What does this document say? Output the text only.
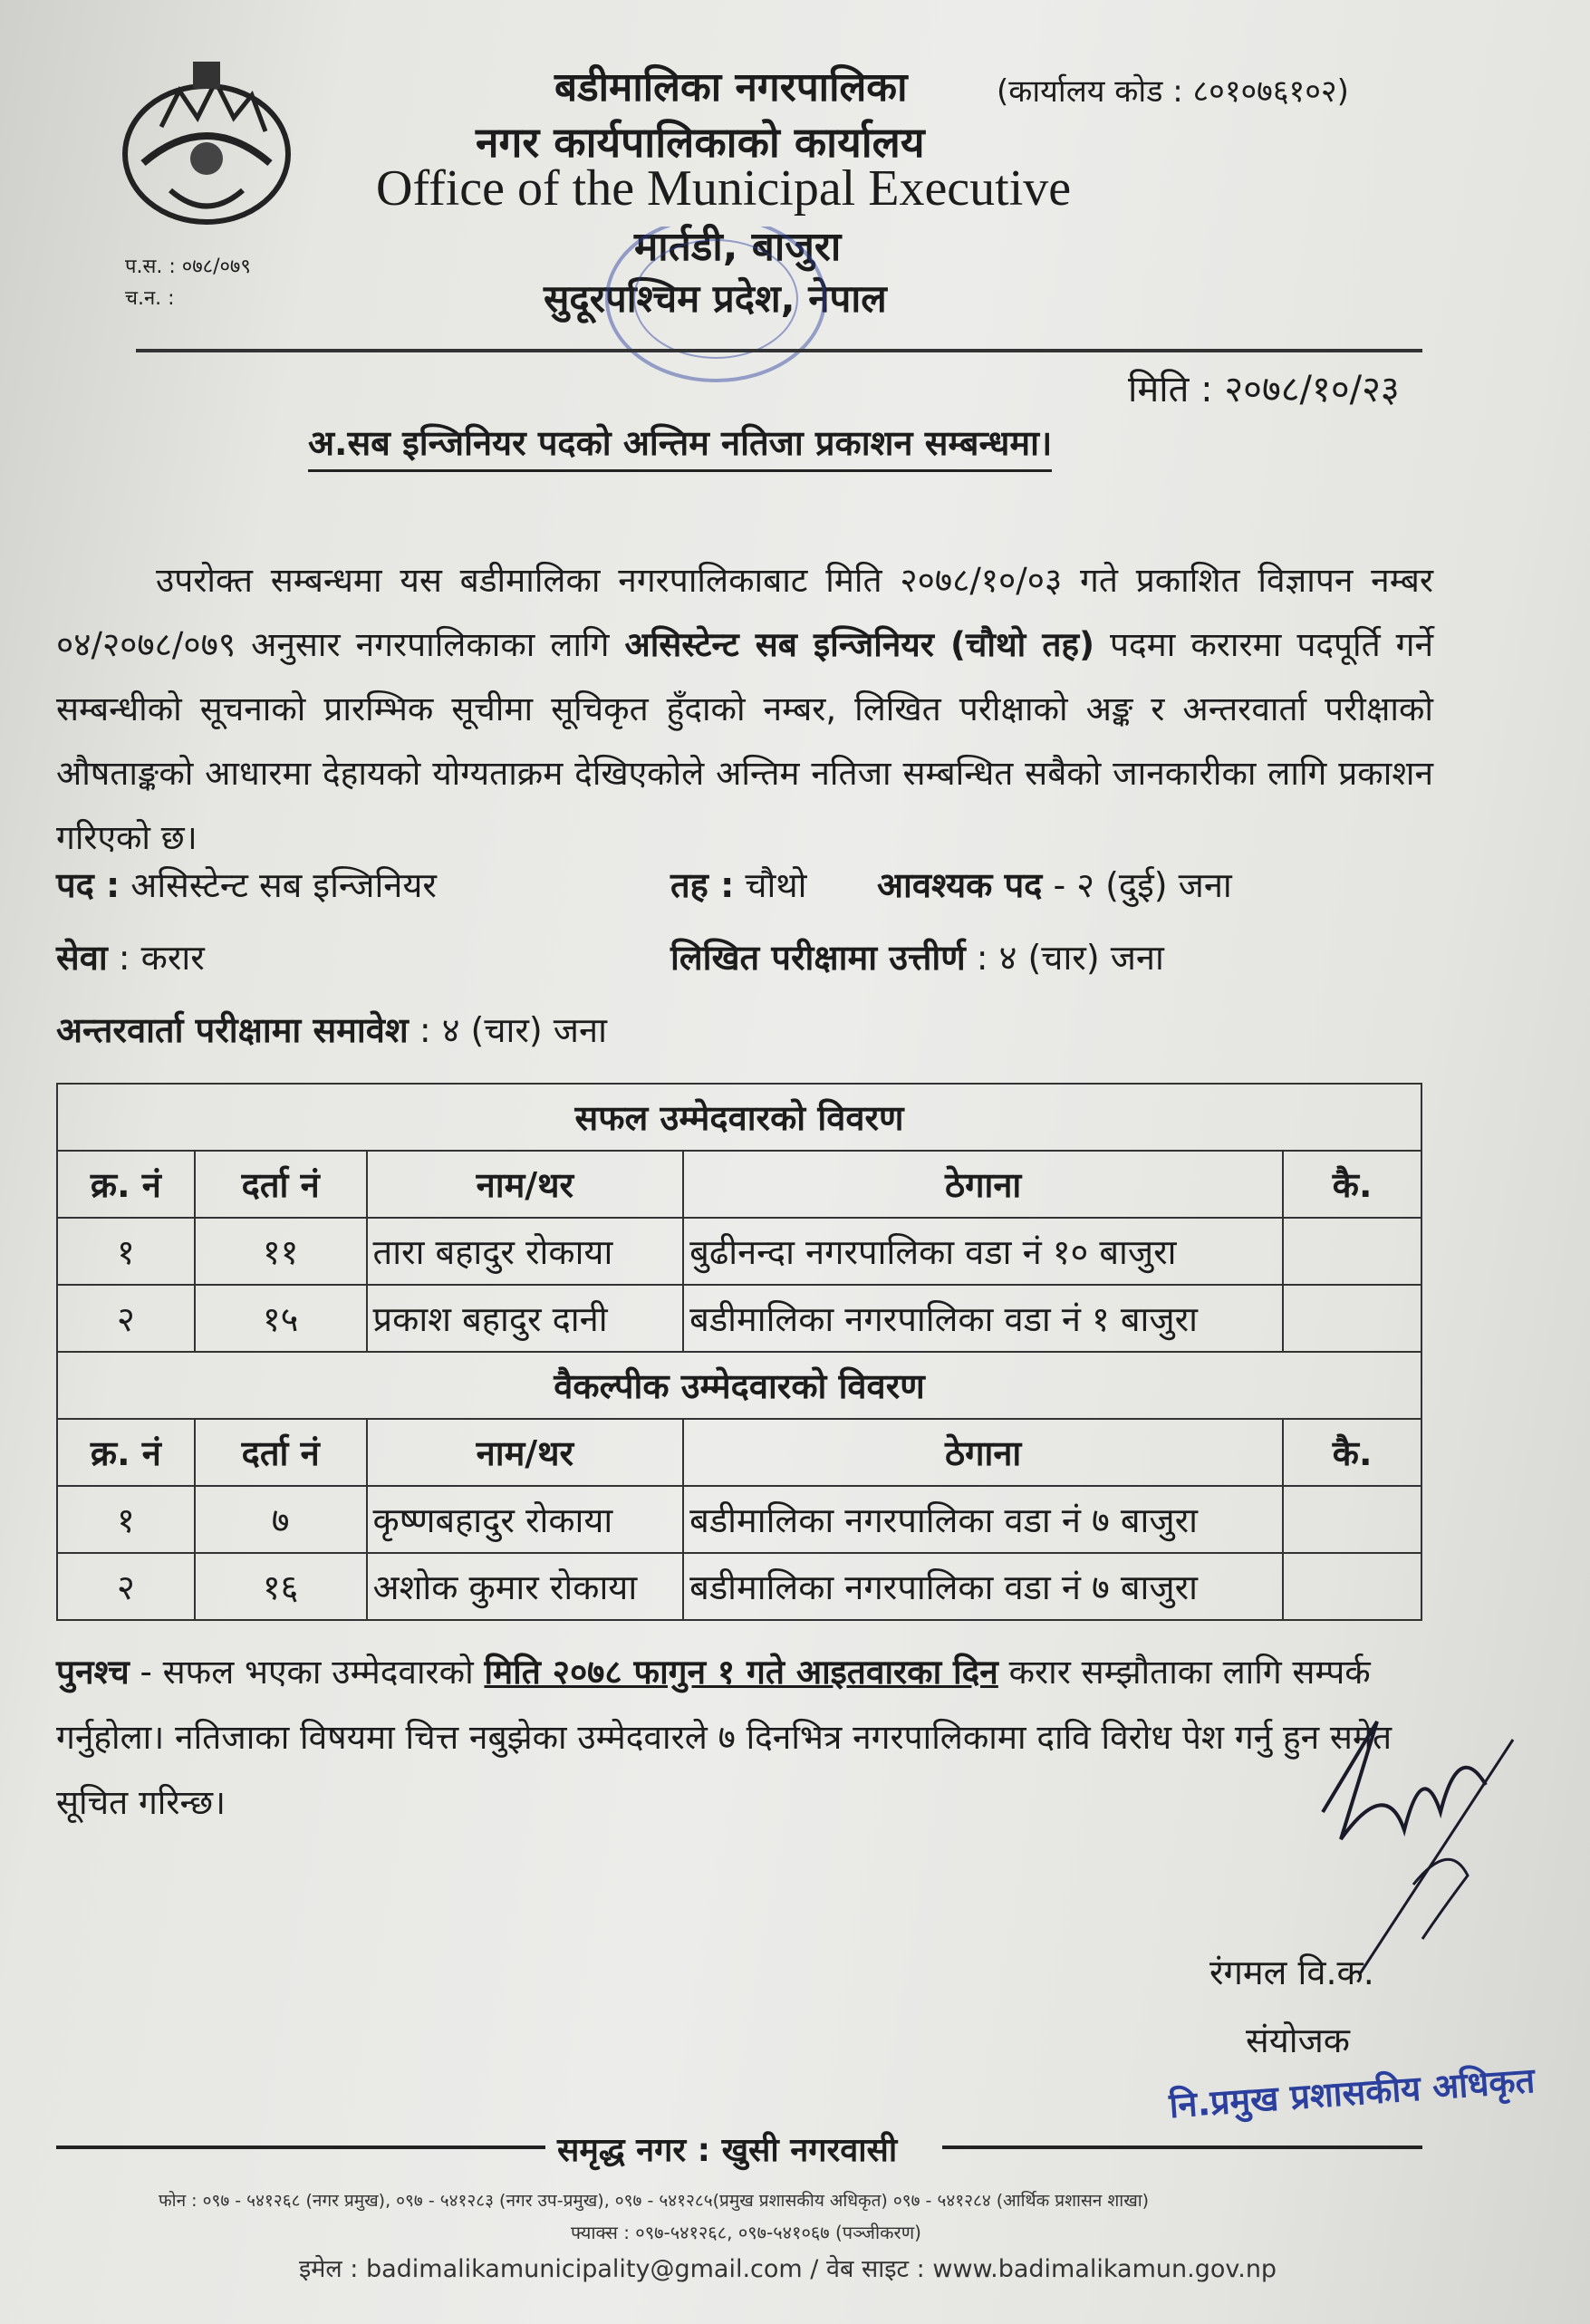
बडीमालिका नगरपालिका	(कार्यालय कोड : ८०१०७६१०२)
नगर कार्यपालिकाको कार्यालय
Office of the Municipal Executive
मार्तडी, बाजुरा
सुदूरपश्चिम प्रदेश, नेपाल
प.स. : ०७८/०७९
च.न. :
मिति : २०७८/१०/२३
अ.सब इन्जिनियर पदको अन्तिम नतिजा प्रकाशन सम्बन्धमा।
उपरोक्त सम्बन्धमा यस बडीमालिका नगरपालिकाबाट मिति २०७८/१०/०३ गते प्रकाशित विज्ञापन नम्बर ०४/२०७८/०७९ अनुसार नगरपालिकाका लागि असिस्टेन्ट सब इन्जिनियर (चौथो तह) पदमा करारमा पदपूर्ति गर्ने सम्बन्धीको सूचनाको प्रारम्भिक सूचीमा सूचिकृत हुँदाको नम्बर, लिखित परीक्षाको अङ्क र अन्तरवार्ता परीक्षाको औषताङ्कको आधारमा देहायको योग्यताक्रम देखिएकोले अन्तिम नतिजा सम्बन्धित सबैको जानकारीका लागि प्रकाशन गरिएको छ।
पद : असिस्टेन्ट सब इन्जिनियर	तह : चौथो आवश्यक पद - २ (दुई) जना
सेवा : करार	लिखित परीक्षामा उत्तीर्ण : ४ (चार) जना
अन्तरवार्ता परीक्षामा समावेश : ४ (चार) जना
सफल उम्मेदवारको विवरण				
क्र. नं	दर्ता नं	नाम/थर	ठेगाना	कै.
१	११	तारा बहादुर रोकाया	बुढीनन्दा नगरपालिका वडा नं १० बाजुरा	
२	१५	प्रकाश बहादुर दानी	बडीमालिका नगरपालिका वडा नं १ बाजुरा	
वैकल्पीक उम्मेदवारको विवरण				
क्र. नं	दर्ता नं	नाम/थर	ठेगाना	कै.
१	७	कृष्णबहादुर रोकाया	बडीमालिका नगरपालिका वडा नं ७ बाजुरा	
२	१६	अशोक कुमार रोकाया	बडीमालिका नगरपालिका वडा नं ७ बाजुरा	
पुनश्च - सफल भएका उम्मेदवारको मिति २०७८ फागुन १ गते आइतवारका दिन करार सम्झौताका लागि सम्पर्क गर्नुहोला। नतिजाका विषयमा चित्त नबुझेका उम्मेदवारले ७ दिनभित्र नगरपालिकामा दावि विरोध पेश गर्नु हुन समेत सूचित गरिन्छ।
रंगमल वि.क.
संयोजक
नि.प्रमुख प्रशासकीय अधिकृत
समृद्ध नगर : खुसी नगरवासी
फोन : ०९७ - ५४१२६८ (नगर प्रमुख), ०९७ - ५४१२८३ (नगर उप-प्रमुख), ०९७ - ५४१२८५(प्रमुख प्रशासकीय अधिकृत) ०९७ - ५४१२८४ (आर्थिक प्रशासन शाखा)
फ्याक्स : ०९७-५४१२६८, ०९७-५४१०६७ (पञ्जीकरण)
इमेल : badimalikamunicipality@gmail.com / वेब साइट : www.badimalikamun.gov.np
